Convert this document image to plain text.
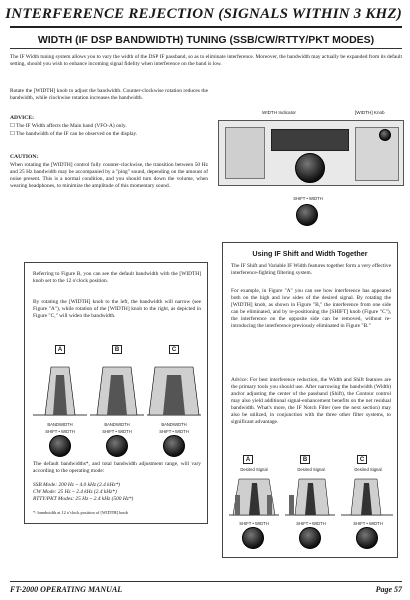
INTERFERENCE REJECTION (SIGNALS WITHIN 3 KHZ)
WIDTH (IF DSP BANDWIDTH) TUNING (SSB/CW/RTTY/PKT MODES)
The IF Width tuning system allows you to vary the width of the DSP IF passband, so as to eliminate interference. Moreover, the bandwidth may actually be expanded from its default setting, should you wish to enhance incoming signal fidelity when interference on the band is low.
Rotate the [WIDTH] knob to adjust the bandwidth. Counter-clockwise rotation reduces the bandwidth, while clockwise rotation increases the bandwidth.
ADVICE:
☐ The IF Width affects the Main band (VFO-A) only.
☐ The bandwidth of the IF can be observed on the display.
CAUTION:
When rotating the [WIDTH] control fully counter-clockwise, the transition between 50 Hz and 25 Hz bandwidth may be accompanied by a "ping" sound, depending on the amount of noise present. This is a normal condition, and you should turn down the volume, when wearing headphones, to minimize the amplitude of this momentary sound.
WIDTH Indicator	[WIDTH] Knob
SHIFT • WIDTH
Referring to Figure B, you can see the default bandwidth with the [WIDTH] knob set to the 12 o'clock position.
By rotating the [WIDTH] knob to the left, the bandwidth will narrow (see Figure "A"), while rotation of the [WIDTH] knob to the right, as depicted in Figure "C," will widen the bandwidth.
A	B	C
BANDWIDTH	BANDWIDTH	BANDWIDTH
SHIFT • WIDTH	SHIFT • WIDTH	SHIFT • WIDTH
The default bandwidths*, and total bandwidth adjustment range, will vary according to the operating mode:
SSB Mode: 200 Hz ~ 4.0 kHz (2.4 kHz*)
CW Mode: 25 Hz ~ 2.4 kHz (2.4 kHz*)
RTTY/PKT Modes: 25 Hz ~ 2.4 kHz (500 Hz*)
*: bandwidth at 12 o'clock position of [WIDTH] knob
Using IF Shift and Width Together
The IF Shift and Variable IF Width features together form a very effective interference-fighting filtering system.
For example, in Figure "A" you can see how interference has appeared both on the high and low sides of the desired signal. By rotating the [WIDTH] knob, as shown in Figure "B," the interference from one side can be eliminated, and by re-positioning the [SHIFT] knob (Figure "C"), the interference on the opposite side can be removed, without re-introducing the interference previously eliminated in Figure "B."
Advice: For best interference reduction, the Width and Shift features are the primary tools you should use. After narrowing the bandwidth (Width) and/or adjusting the center of the passband (Shift), the Contour control may also yield additional signal-enhancement benefits on the net residual bandwidth. What's more, the IF Notch Filter (see the next section) may also be utilized, in conjunction with the three other filter systems, to significant advantage.
A	B	C
Desired Signal	Desired Signal	Desired Signal
SHIFT • WIDTH	SHIFT • WIDTH	SHIFT • WIDTH
FT-2000 OPERATING MANUAL	Page 57
